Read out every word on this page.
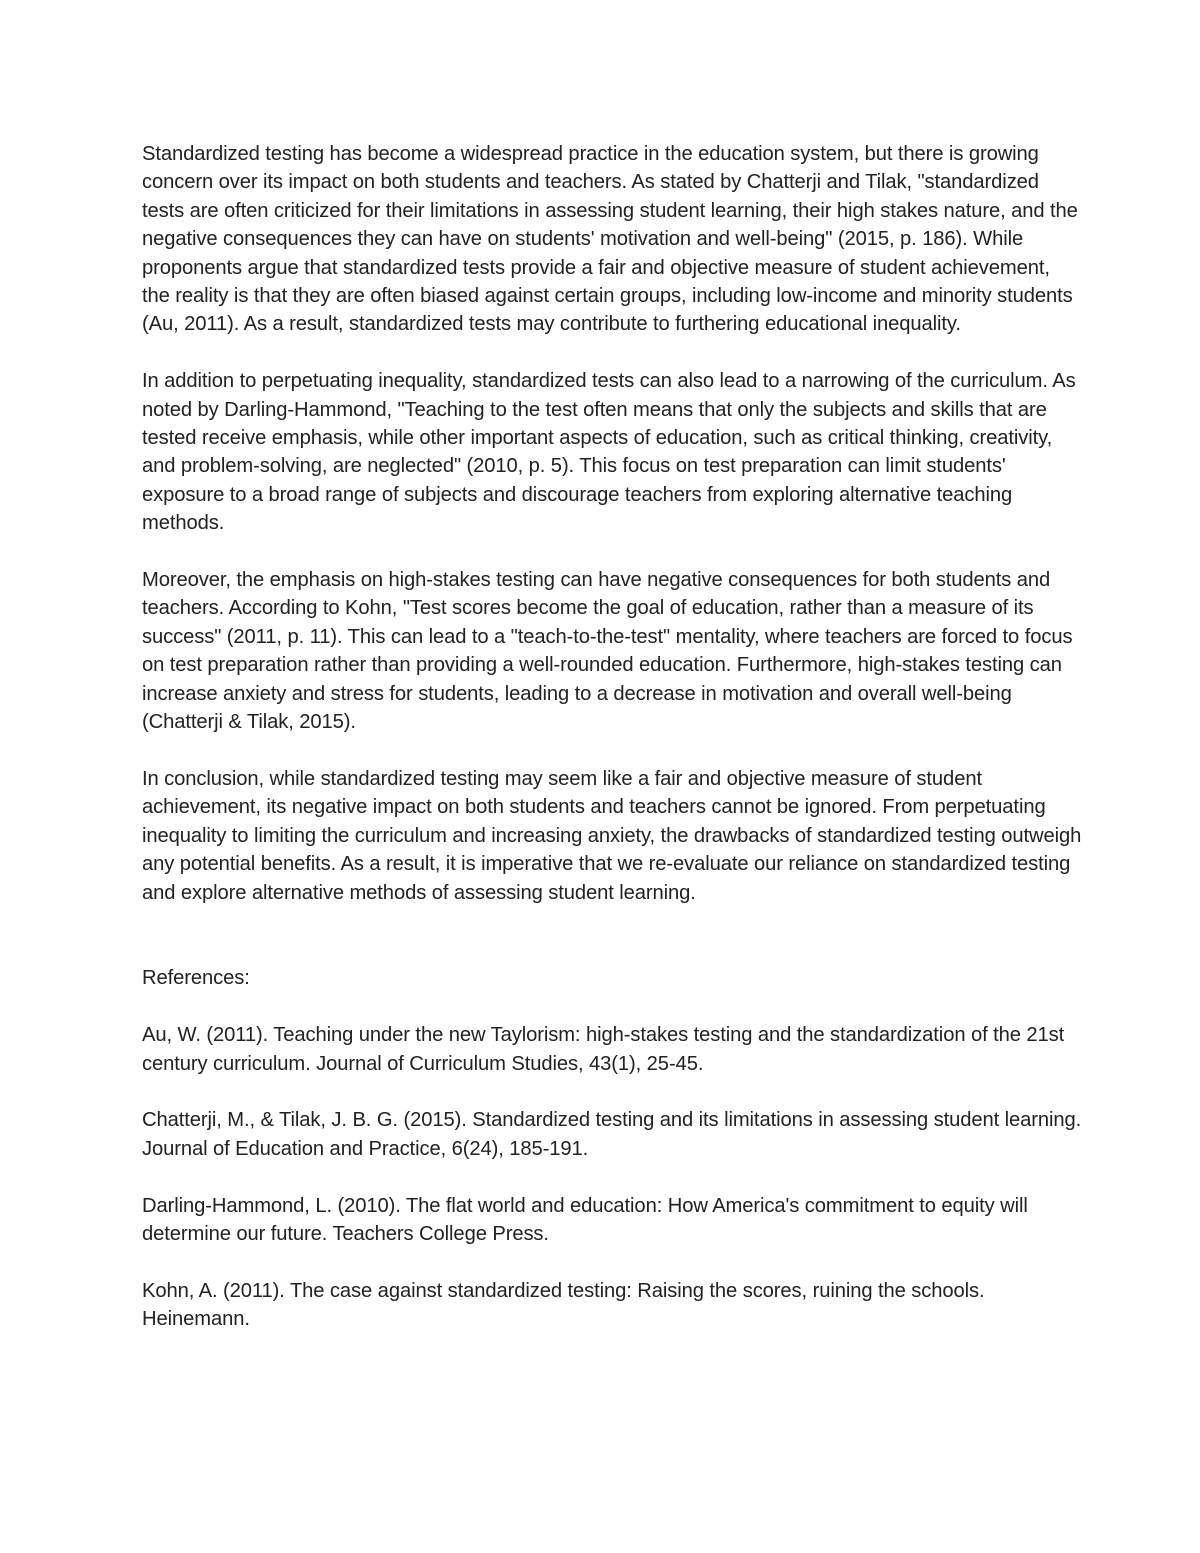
Standardized testing has become a widespread practice in the education system, but there is growing concern over its impact on both students and teachers. As stated by Chatterji and Tilak, "standardized tests are often criticized for their limitations in assessing student learning, their high stakes nature, and the negative consequences they can have on students' motivation and well-being" (2015, p. 186). While proponents argue that standardized tests provide a fair and objective measure of student achievement, the reality is that they are often biased against certain groups, including low-income and minority students (Au, 2011). As a result, standardized tests may contribute to furthering educational inequality.

In addition to perpetuating inequality, standardized tests can also lead to a narrowing of the curriculum. As noted by Darling-Hammond, "Teaching to the test often means that only the subjects and skills that are tested receive emphasis, while other important aspects of education, such as critical thinking, creativity, and problem-solving, are neglected" (2010, p. 5). This focus on test preparation can limit students' exposure to a broad range of subjects and discourage teachers from exploring alternative teaching methods.

Moreover, the emphasis on high-stakes testing can have negative consequences for both students and teachers. According to Kohn, "Test scores become the goal of education, rather than a measure of its success" (2011, p. 11). This can lead to a "teach-to-the-test" mentality, where teachers are forced to focus on test preparation rather than providing a well-rounded education. Furthermore, high-stakes testing can increase anxiety and stress for students, leading to a decrease in motivation and overall well-being (Chatterji & Tilak, 2015).

In conclusion, while standardized testing may seem like a fair and objective measure of student achievement, its negative impact on both students and teachers cannot be ignored. From perpetuating inequality to limiting the curriculum and increasing anxiety, the drawbacks of standardized testing outweigh any potential benefits. As a result, it is imperative that we re-evaluate our reliance on standardized testing and explore alternative methods of assessing student learning.

References:

Au, W. (2011). Teaching under the new Taylorism: high-stakes testing and the standardization of the 21st century curriculum. Journal of Curriculum Studies, 43(1), 25-45.

Chatterji, M., & Tilak, J. B. G. (2015). Standardized testing and its limitations in assessing student learning. Journal of Education and Practice, 6(24), 185-191.

Darling-Hammond, L. (2010). The flat world and education: How America's commitment to equity will determine our future. Teachers College Press.

Kohn, A. (2011). The case against standardized testing: Raising the scores, ruining the schools. Heinemann.
